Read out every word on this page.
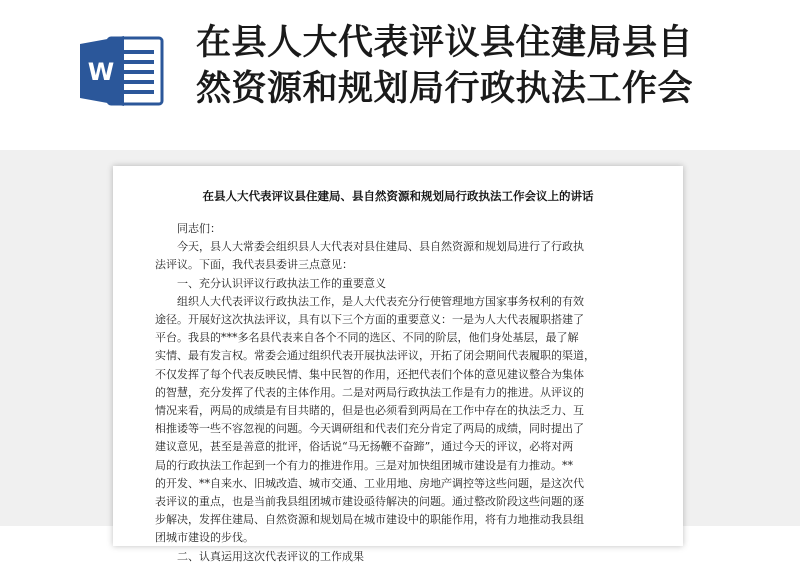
W
在县人大代表评议县住建局县自
然资源和规划局行政执法工作会
在县人大代表评议县住建局、县自然资源和规划局行政执法工作会议上的讲话
同志们：
今天，县人大常委会组织县人大代表对县住建局、县自然资源和规划局进行了行政执
法评议。下面，我代表县委讲三点意见：
一、充分认识评议行政执法工作的重要意义
组织人大代表评议行政执法工作，是人大代表充分行使管理地方国家事务权利的有效
途径。开展好这次执法评议，具有以下三个方面的重要意义：一是为人大代表履职搭建了
平台。我县的***多名县代表来自各个不同的选区、不同的阶层，他们身处基层，最了解
实情、最有发言权。常委会通过组织代表开展执法评议，开拓了闭会期间代表履职的渠道，
不仅发挥了每个代表反映民情、集中民智的作用，还把代表们个体的意见建议整合为集体
的智慧，充分发挥了代表的主体作用。二是对两局行政执法工作是有力的推进。从评议的
情况来看，两局的成绩是有目共睹的，但是也必须看到两局在工作中存在的执法乏力、互
相推诿等一些不容忽视的问题。今天调研组和代表们充分肯定了两局的成绩，同时提出了
建议意见，甚至是善意的批评，俗话说“马无扬鞭不奋蹄”，通过今天的评议，必将对两
局的行政执法工作起到一个有力的推进作用。三是对加快组团城市建设是有力推动。**
的开发、**自来水、旧城改造、城市交通、工业用地、房地产调控等这些问题，是这次代
表评议的重点，也是当前我县组团城市建设亟待解决的问题。通过整改阶段这些问题的逐
步解决，发挥住建局、自然资源和规划局在城市建设中的职能作用，将有力地推动我县组
团城市建设的步伐。
二、认真运用这次代表评议的工作成果
